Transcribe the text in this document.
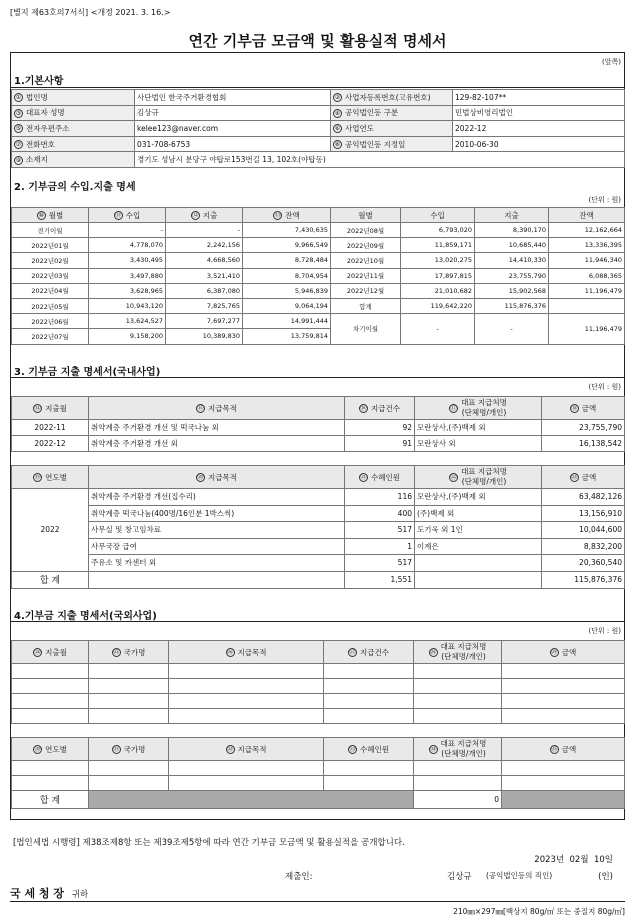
[별지 제63호의7서식] <개정 2021. 3. 16.>
연간 기부금 모금액 및 활용실적 명세서
(앞쪽)
1.기본사항
① 법인명	사단법인 한국주거환경협회	② 사업자등록번호(고유번호)	129-82-107**
③ 대표자 성명	김상규	④ 공익법인등 구분	민법상비영리법인
⑤ 전자우편주소	kelee123@naver.com	⑥ 사업연도	2022-12
⑦ 전화번호	031-708-6753	⑧ 공익법인등 지정일	2010-06-30
⑨ 소재지	경기도 성남시 분당구 야탑로153번길 13, 102호(야탑동)		
2. 기부금의 수입.지출 명세
(단위 : 원)
⑩ 월별	⑪ 수입	⑫ 지출	⑬ 잔액	월별	수입	지출	잔액
전기이월	-	-	7,430,635	2022년08월	6,793,020	8,390,170	12,162,664
2022년01월	4,778,070	2,242,156	9,966,549	2022년09월	11,859,171	10,685,440	13,336,395
2022년02월	3,430,495	4,668,560	8,728,484	2022년10월	13,020,275	14,410,330	11,946,340
2022년03월	3,497,880	3,521,410	8,704,954	2022년11월	17,897,815	23,755,790	6,088,365
2022년04월	3,628,965	6,387,080	5,946,839	2022년12월	21,010,682	15,902,568	11,196,479
2022년05월	10,943,120	7,825,765	9,064,194	합계	119,642,220	115,876,376	
2022년06월	13,624,527	7,697,277	14,991,444	차기이월	-	-	11,196,479
2022년07월	9,158,200	10,389,830	13,759,814				
3. 기부금 지출 명세서(국내사업)
(단위 : 원)
⑭ 지출월	⑮ 지급목적	⑯ 지급건수	⑰
대표 지급처명
(단체명/개인)	⑱ 금액
2022-11	취약계층 주거환경 개선 및 떡국나눔 외	92	모란상사,(주)백제 외	23,755,790
2022-12	취약계층 주거환경 개선 외	91	모란상사 외	16,138,542

⑲ 연도별	⑳ 지급목적	㉑ 수혜인원	㉒
대표 지급처명
(단체명/개인)	㉓ 금액
2022	취약계층 주거환경 개선(집수리)	116	모란상사,(주)백제 외	63,482,126
	취약계층 떡국나눔(400명/16인분 1박스씩)	400	(주)백제 외	13,156,910
	사무실 및 창고임차료	517	도기욱 외 1인	10,044,600
	사무국장 급여	1	이계은	8,832,200
	주유소 및 카센터 외	517		20,360,540
합 계		1,551		115,876,376
4.기부금 지출 명세서(국외사업)
(단위 : 원)
㉔ 지출월	㉕ 국가명	㉖ 지급목적	㉗ 지급건수	㉘
대표 지급처명
(단체명/개인)	㉙ 금액	

㉚ 연도별	㉛ 국가명	㉜ 지급목적	㉝ 수혜인원	㉞
대표 지급처명
(단체명/개인)	㉟ 금액	

합 계				0		
[법인세법 시행령] 제38조제8항 또는 제39조제5항에 따라 연간 기부금 모금액 및 활용실적을 공개합니다.
2023년  02월  10일
제출인:	김상규 (공익법인등의 직인)	(인)
국 세 청 장 귀하
210㎜×297㎜[백상지 80g/㎡ 또는 중질지 80g/㎡]
